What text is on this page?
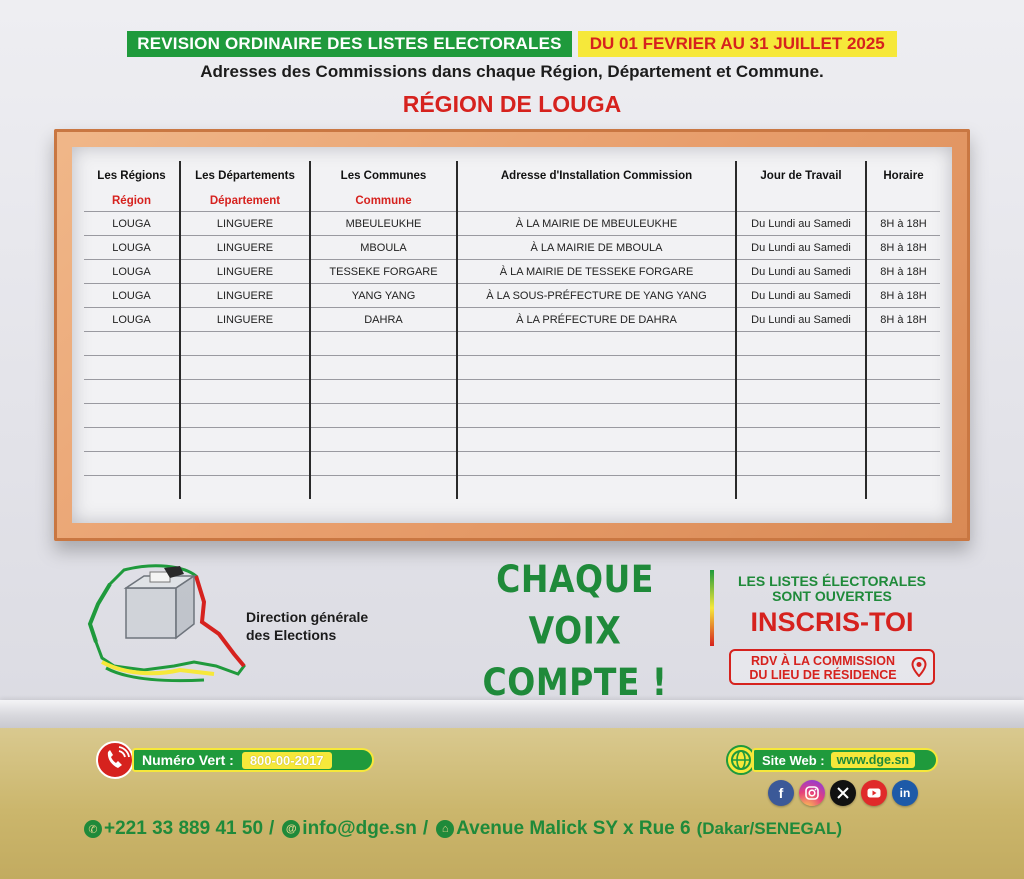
REVISION ORDINAIRE DES LISTES ELECTORALES	DU 01 FEVRIER AU 31 JUILLET 2025
Adresses des Commissions dans chaque Région, Département et Commune.
RÉGION DE LOUGA
Les Régions	Les Départements	Les Communes	Adresse d'Installation Commission	Jour de Travail	Horaire
Région	Département	Commune			
LOUGA	LINGUERE	MBEULEUKHE	À LA MAIRIE DE MBEULEUKHE	Du Lundi au Samedi	8H à 18H
LOUGA	LINGUERE	MBOULA	À LA MAIRIE DE MBOULA	Du Lundi au Samedi	8H à 18H
LOUGA	LINGUERE	TESSEKE FORGARE	À LA MAIRIE DE TESSEKE FORGARE	Du Lundi au Samedi	8H à 18H
LOUGA	LINGUERE	YANG YANG	À LA SOUS-PRÉFECTURE DE YANG YANG	Du Lundi au Samedi	8H à 18H
LOUGA	LINGUERE	DAHRA	À LA PRÉFECTURE DE DAHRA	Du Lundi au Samedi	8H à 18H

Direction générale
des Elections
CHAQUE VOIX
COMPTE !
LES LISTES ÉLECTORALES
SONT OUVERTES
INSCRIS-TOI
RDV À LA COMMISSION
DU LIEU DE RÉSIDENCE
Numéro Vert :	800-00-2017	Site Web : www.dge.sn
f	in
✆ +221 33 889 41 50 /	@ info@dge.sn /	⌂ Avenue Malick SY x Rue 6 (Dakar/SENEGAL)
